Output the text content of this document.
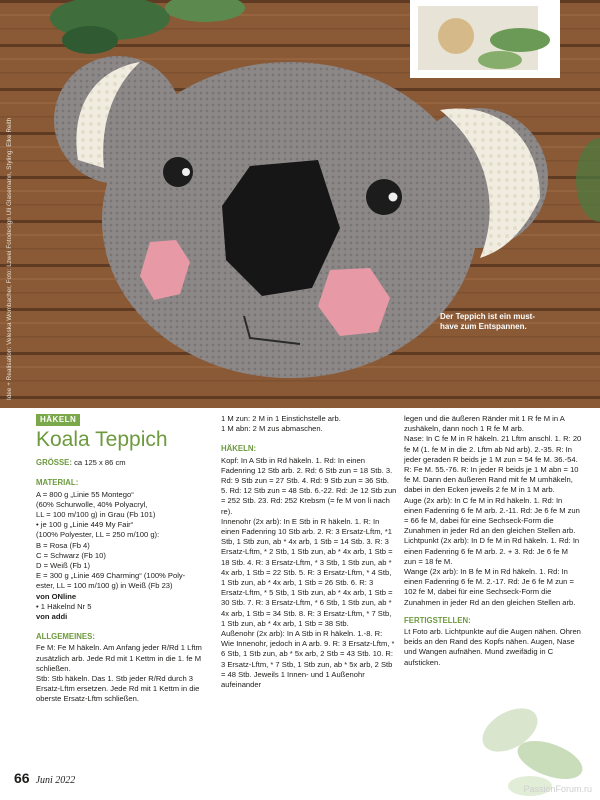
Idee + Realisation: Veleska Wombacher, Foto: Lzwei Fotodesign Uli Glasemann, Styling: Elke Reith	Der Teppich ist ein must-have zum Entspannen.
HÄKELN
Koala Teppich

GRÖSSE: ca 125 x 86 cm

MATERIAL:

A = 800 g „Linie 55 Montego“

(60% Schurwolle, 40% Polyacryl,

LL = 100 m/100 g) in Grau (Fb 101)

• je 100 g „Linie 449 My Fair“

(100% Polyester, LL = 250 m/100 g):

B = Rosa (Fb 4)

C = Schwarz (Fb 10)

D = Weiß (Fb 1)

E = 300 g „Linie 469 Charming“ (100% Poly-

ester, LL = 100 m/100 g) in Weiß (Fb 23)

von ONline

• 1 Häkelnd Nr 5

von addi

ALLGEMEINES:

Fe M: Fe M häkeln. Am Anfang jeder R/Rd 1 Lftm zusätzlich arb. Jede Rd mit 1 Kettm in die 1. fe M schließen.

Stb: Stb häkeln. Das 1. Stb jeder R/Rd durch 3 Ersatz-Lftm ersetzen. Jede Rd mit 1 Kettm in die oberste Ersatz-Lftm schließen.

1 M zun: 2 M in 1 Einstichstelle arb.

1 M abn: 2 M zus abmaschen.

HÄKELN:

Kopf: In A Stb in Rd häkeln. 1. Rd: In einen Fadenring 12 Stb arb. 2. Rd: 6 Stb zun = 18 Stb. 3. Rd: 9 Stb zun = 27 Stb. 4. Rd: 9 Stb zun = 36 Stb. 5. Rd: 12 Stb zun = 48 Stb. 6.-22. Rd: Je 12 Stb zun = 252 Stb. 23. Rd: 252 Krebsm (= fe M von li nach re).

Innenohr (2x arb): In E Stb in R häkeln. 1. R: In einen Fadenring 10 Stb arb. 2. R: 3 Ersatz-Lftm, *1 Stb, 1 Stb zun, ab * 4x arb, 1 Stb = 14 Stb. 3. R: 3 Ersatz-Lftm, * 2 Stb, 1 Stb zun, ab * 4x arb, 1 Stb = 18 Stb. 4. R: 3 Ersatz-Lftm, * 3 Stb, 1 Stb zun, ab * 4x arb, 1 Stb = 22 Stb. 5. R: 3 Ersatz-Lftm, * 4 Stb, 1 Stb zun, ab * 4x arb, 1 Stb = 26 Stb. 6. R: 3 Ersatz-Lftm, * 5 Stb, 1 Stb zun, ab * 4x arb, 1 Stb = 30 Stb. 7. R: 3 Ersatz-Lftm, * 6 Stb, 1 Stb zun, ab * 4x arb, 1 Stb = 34 Stb. 8. R: 3 Ersatz-Lftm, * 7 Stb, 1 Stb zun, ab * 4x arb, 1 Stb = 38 Stb.

Außenohr (2x arb): In A Stb in R häkeln. 1.-8. R: Wie Innenohr, jedoch in A arb. 9. R: 3 Ersatz-Lftm, * 6 Stb, 1 Stb zun, ab * 5x arb, 2 Stb = 43 Stb. 10. R: 3 Ersatz-Lftm, * 7 Stb, 1 Stb zun, ab * 5x arb, 2 Stb = 48 Stb. Jeweils 1 Innen- und 1 Außenohr aufeinander

legen und die äußeren Ränder mit 1 R fe M in A zushäkeln, dann noch 1 R fe M arb.

Nase: In C fe M in R häkeln. 21 Lftm anschl. 1. R: 20 fe M (1. fe M in die 2. Lftm ab Nd arb). 2.-35. R: In jeder geraden R beids je 1 M zun = 54 fe M. 36.-54. R: Fe M. 55.-76. R: In jeder R beids je 1 M abn = 10 fe M. Dann den äußeren Rand mit fe M umhäkeln, dabei in den Ecken jeweils 2 fe M in 1 M arb.

Auge (2x arb): In C fe M in Rd häkeln. 1. Rd: In einen Fadenring 6 fe M arb. 2.-11. Rd: Je 6 fe M zun = 66 fe M, dabei für eine Sechseck-Form die Zunahmen in jeder Rd an den gleichen Stellen arb.

Lichtpunkt (2x arb): In D fe M in Rd häkeln. 1. Rd: In einen Fadenring 6 fe M arb. 2. + 3. Rd: Je 6 fe M zun = 18 fe M.

Wange (2x arb): In B fe M in Rd häkeln. 1. Rd: In einen Fadenring 6 fe M. 2.-17. Rd: Je 6 fe M zun = 102 fe M, dabei für eine Sechseck-Form die Zunahmen in jeder Rd an den gleichen Stellen arb.

FERTIGSTELLEN:

Lt Foto arb. Lichtpunkte auf die Augen nähen. Ohren beids an den Rand des Kopfs nähen. Augen, Nase und Wangen aufnähen. Mund zweifädig in C aufsticken.

66 Juni 2022
PassionForum.ru
